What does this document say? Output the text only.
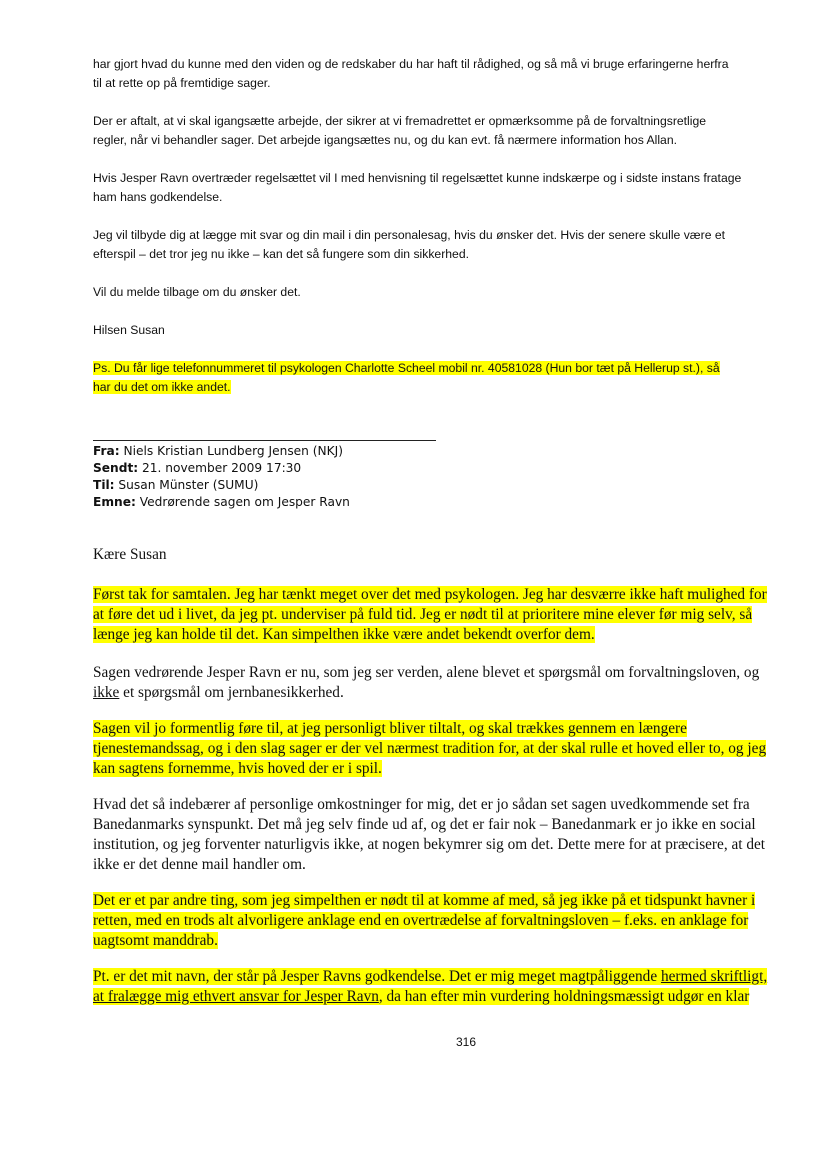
har gjort hvad du kunne med den viden og de redskaber du har haft til rådighed, og så må vi bruge erfaringerne herfra
til at rette op på fremtidige sager.

Der er aftalt, at vi skal igangsætte arbejde, der sikrer at vi fremadrettet er opmærksomme på de forvaltningsretlige
regler, når vi behandler sager. Det arbejde igangsættes nu, og du kan evt. få nærmere information hos Allan.

Hvis Jesper Ravn overtræder regelsættet vil I med henvisning til regelsættet kunne indskærpe og i sidste instans fratage
ham hans godkendelse.

Jeg vil tilbyde dig at lægge mit svar og din mail i din personalesag, hvis du ønsker det. Hvis der senere skulle være et
efterspil – det tror jeg nu ikke – kan det så fungere som din sikkerhed.

Vil du melde tilbage om du ønsker det.

Hilsen Susan

Ps. Du får lige telefonnummeret til psykologen Charlotte Scheel mobil nr. 40581028 (Hun bor tæt på Hellerup st.), så
har du det om ikke andet.

Fra: Niels Kristian Lundberg Jensen (NKJ)
Sendt: 21. november 2009 17:30
Til: Susan Münster (SUMU)
Emne: Vedrørende sagen om Jesper Ravn
Kære Susan
Først tak for samtalen. Jeg har tænkt meget over det med psykologen. Jeg har desværre ikke haft mulighed for
at føre det ud i livet, da jeg pt. underviser på fuld tid. Jeg er nødt til at prioritere mine elever før mig selv, så
længe jeg kan holde til det. Kan simpelthen ikke være andet bekendt overfor dem.
Sagen vedrørende Jesper Ravn er nu, som jeg ser verden, alene blevet et spørgsmål om forvaltningsloven, og
ikke et spørgsmål om jernbanesikkerhed.
Sagen vil jo formentlig føre til, at jeg personligt bliver tiltalt, og skal trækkes gennem en længere
tjenestemandssag, og i den slag sager er der vel nærmest tradition for, at der skal rulle et hoved eller to, og jeg
kan sagtens fornemme, hvis hoved der er i spil.
Hvad det så indebærer af personlige omkostninger for mig, det er jo sådan set sagen uvedkommende set fra
Banedanmarks synspunkt. Det må jeg selv finde ud af, og det er fair nok – Banedanmark er jo ikke en social
institution, og jeg forventer naturligvis ikke, at nogen bekymrer sig om det. Dette mere for at præcisere, at det
ikke er det denne mail handler om.
Det er et par andre ting, som jeg simpelthen er nødt til at komme af med, så jeg ikke på et tidspunkt havner i
retten, med en trods alt alvorligere anklage end en overtrædelse af forvaltningsloven – f.eks. en anklage for
uagtsomt manddrab.
Pt. er det mit navn, der står på Jesper Ravns godkendelse. Det er mig meget magtpåliggende hermed skriftligt,
at fralægge mig ethvert ansvar for Jesper Ravn, da han efter min vurdering holdningsmæssigt udgør en klar
316
